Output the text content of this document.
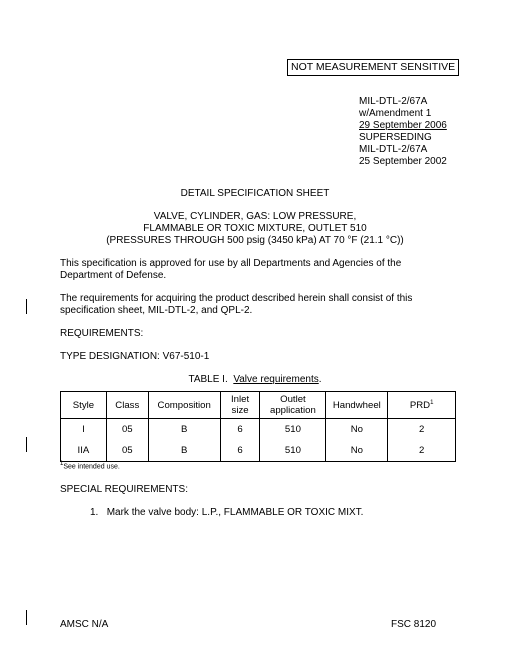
NOT MEASUREMENT SENSITIVE
MIL-DTL-2/67A
w/Amendment 1
29 September 2006
SUPERSEDING
MIL-DTL-2/67A
25 September 2002
DETAIL SPECIFICATION SHEET
VALVE, CYLINDER, GAS: LOW PRESSURE,
FLAMMABLE OR TOXIC MIXTURE, OUTLET 510
(PRESSURES THROUGH 500 psig (3450 kPa) AT 70 °F (21.1 °C))
This specification is approved for use by all Departments and Agencies of the Department of Defense.
The requirements for acquiring the product described herein shall consist of this specification sheet, MIL-DTL-2, and QPL-2.
REQUIREMENTS:
TYPE DESIGNATION: V67-510-1
TABLE I. Valve requirements.
Style	Class	Composition	Inlet size	Outlet application	Handwheel	PRD$^1$
I	05	B	6	510	No	2
IIA	05	B	6	510	No	2
$^1$See intended use.
SPECIAL REQUIREMENTS:
1. Mark the valve body: L.P., FLAMMABLE OR TOXIC MIXT.
AMSC N/A	FSC 8120
